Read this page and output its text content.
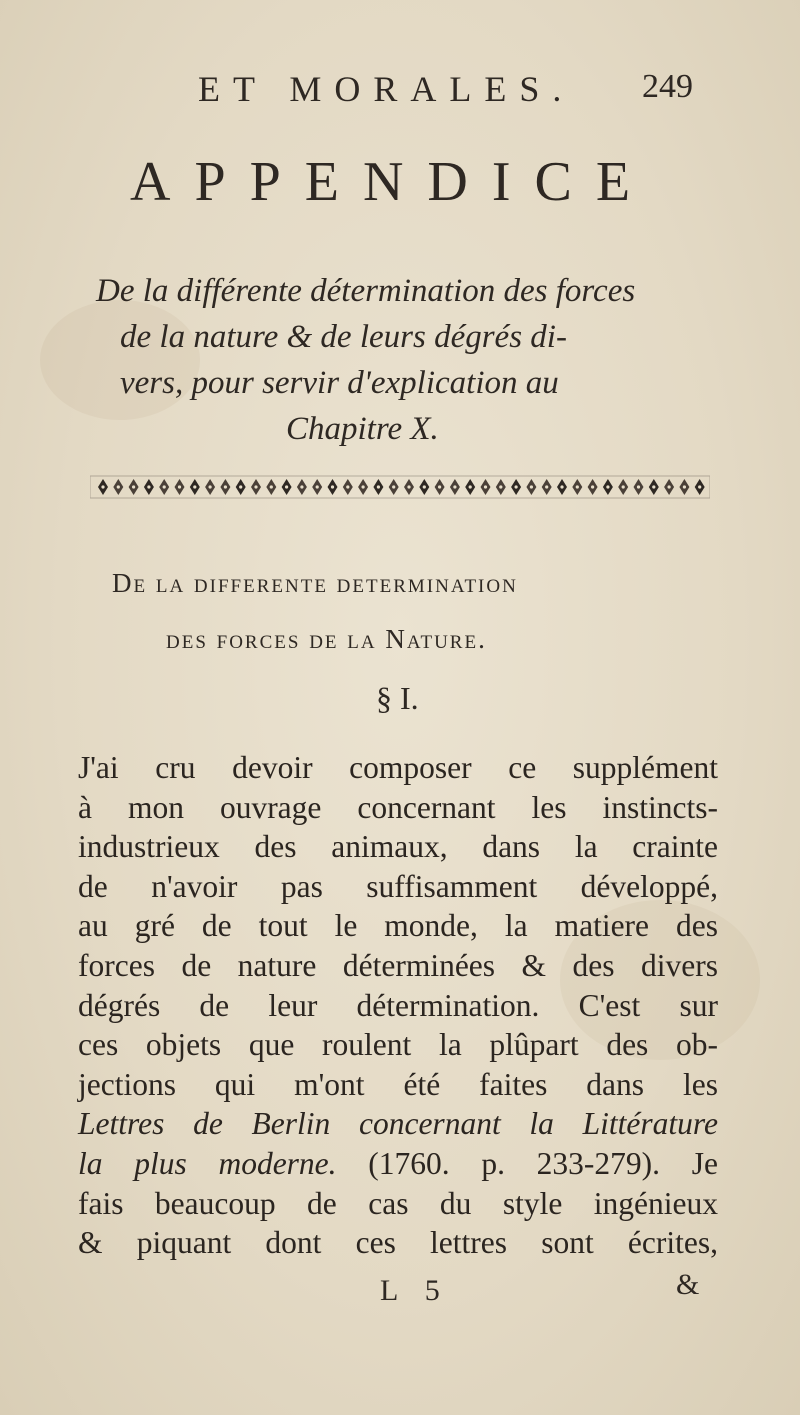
ET MORALES.	249
APPENDICE
De la différente détermination des forces
de la nature & de leurs dégrés di-
vers, pour servir d'explication au
Chapitre X.
De la differente determination
des forces de la Nature.
§ I.
J'ai cru devoir composer ce supplément
à mon ouvrage concernant les instincts-
industrieux des animaux, dans la crainte
de n'avoir pas suffisamment développé,
au gré de tout le monde, la matiere des
forces de nature déterminées & des divers
dégrés de leur détermination. C'est sur
ces objets que roulent la plûpart des ob-
jections qui m'ont été faites dans les
Lettres de Berlin concernant la Littérature
la plus moderne. (1760. p. 233-279). Je
fais beaucoup de cas du style ingénieux
& piquant dont ces lettres sont écrites,
L 5	&
